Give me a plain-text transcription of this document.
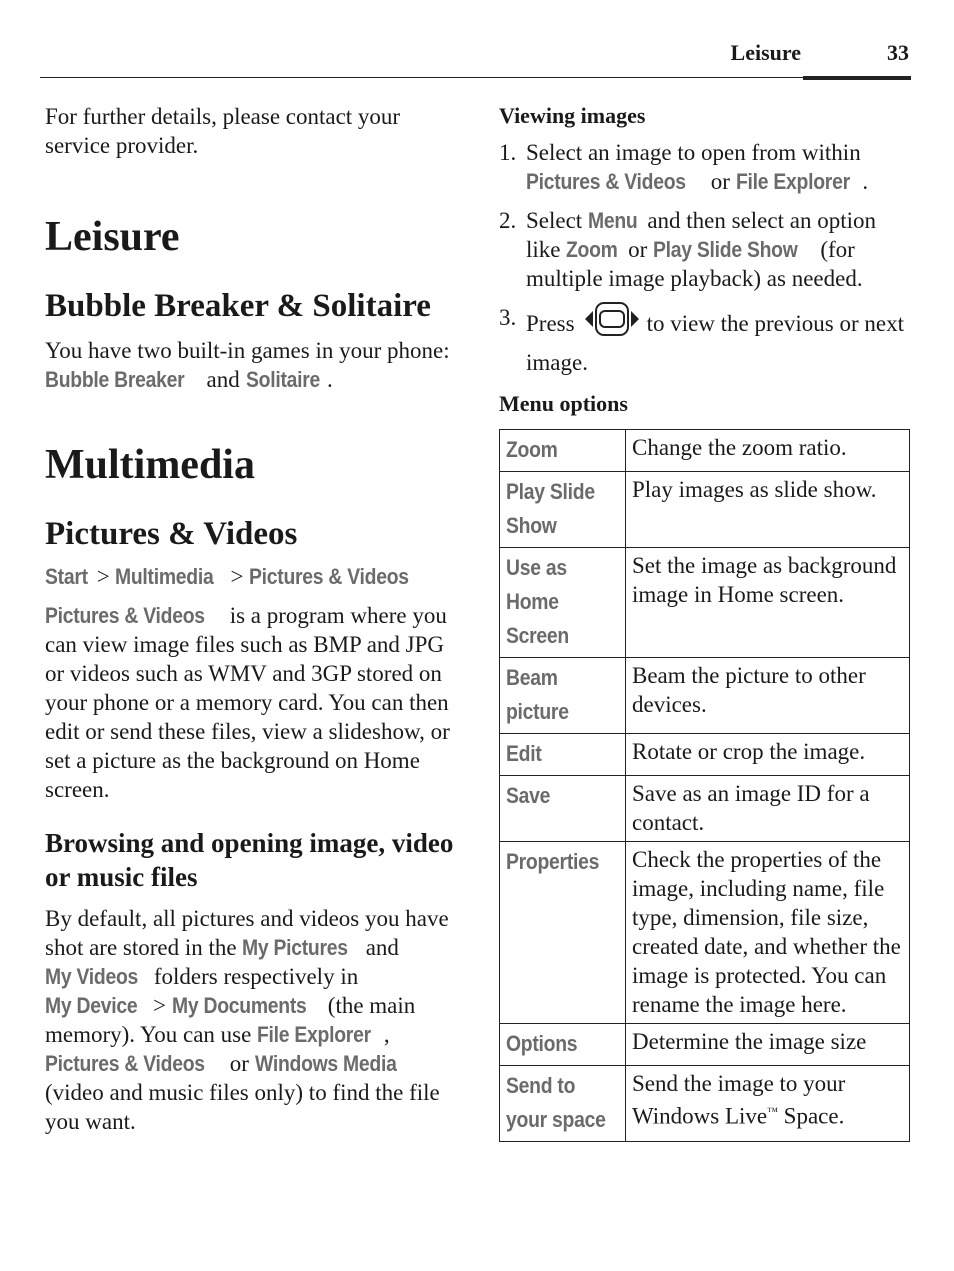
Leisure	33

For further details, please contact your service provider.

Leisure
Bubble Breaker & Solitaire

You have two built-in games in your phone: Bubble Breaker and Solitaire .

Multimedia
Pictures & Videos

Start > Multimedia > Pictures & Videos

Pictures & Videos is a program where you can view image files such as BMP and JPG or videos such as WMV and 3GP stored on your phone or a memory card. You can then edit or send these files, view a slideshow, or set a picture as the background on Home screen.

Browsing and opening image, video or music files

By default, all pictures and videos you have shot are stored in the My Pictures and My Videos folders respectively in My Device > My Documents (the main memory). You can use File Explorer , Pictures & Videos or Windows Media (video and music files only) to find the file you want.

Viewing images
1. Select an image to open from within Pictures & Videos or File Explorer .
2. Select Menu and then select an option like Zoom or Play Slide Show (for multiple image playback) as needed.
3. Press	to view the previous or next image.
Menu options
Zoom	Change the zoom ratio.
Play Slide Show	Play images as slide show.
Use as Home Screen	Set the image as background image in Home screen.
Beam picture	Beam the picture to other devices.
Edit	Rotate or crop the image.
Save	Save as an image ID for a contact.
Properties	Check the properties of the image, including name, file type, dimension, file size, created date, and whether the image is protected. You can rename the image here.
Options	Determine the image size
Send to your space	Send the image to your Windows Live™ Space.
